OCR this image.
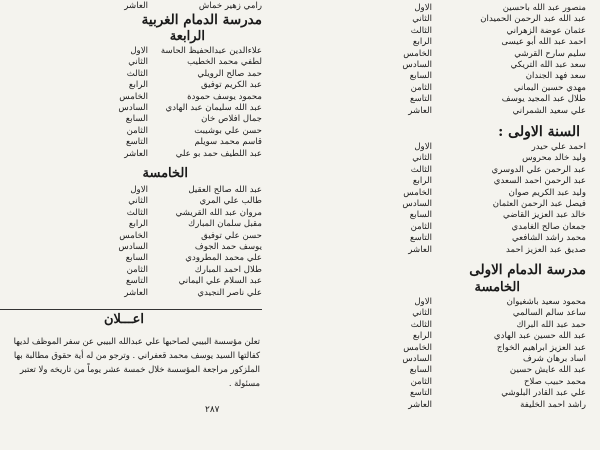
منصور عبد الله باحسين
الاول
عبد الله عبد الرحمن الحميدان
الثاني
عثمان عوضة الزهراني
الثالث
احمد عبد الله أبو عيسى
الرابع
سليم سارح القرشي
الخامس
سعد عبد الله التريكي
السادس
سعد فهد الجندان
السابع
مهدي حسين اليماني
الثامن
طلال عبد المجيد يوسف
التاسع
علي سعيد الشمراني
العاشر
السنة الاولى :
احمد علي حيدر
الاول
وليد خالد محروس
الثاني
عبد الرحمن علي الدوسري
الثالث
عبد الرحمن احمد السعدي
الرابع
وليد عبد الكريم صوان
الخامس
فيصل عبد الرحمن العثمان
السادس
خالد عبد العزيز القاضي
السابع
جمعان صالح الغامدي
الثامن
محمد راشد الشافعي
التاسع
صديق عبد العزيز احمد
العاشر
مدرسة الدمام الاولى
الخامسة
محمود سعيد باشغيوان
الاول
ساعد سالم السالمي
الثاني
حمد عبد الله البراك
الثالث
عبد الله حسين عبد الهادي
الرابع
عبد العزيز ابراهيم الخواج
الخامس
اساد برهان شرف
السادس
عبد الله عايش حسين
السابع
محمد حبيب صلاح
الثامن
علي عبد القادر البلوشي
التاسع
راشد احمد الخليفة
العاشر
رامي زهير خماش
العاشر
مدرسة الدمام الغربية
الرابعة
علاءالدين عبدالحفيظ الحاسة
الاول
لطفي محمد الخطيب
الثاني
حمد صالح الرويلي
الثالث
عبد الكريم توفيق
الرابع
محمود يوسف حمودة
الخامس
عبد الله سليمان عبد الهادي
السادس
جمال افلاص خان
السابع
حسن علي بوشيبت
الثامن
قاسم محمد سويلم
التاسع
عبد اللطيف حمد بو علي
العاشر
الخامسة
عبد الله صالح العقيل
الاول
طالب علي المري
الثاني
مروان عبد الله القريشي
الثالث
مقبل سلمان المبارك
الرابع
حسن علي توفيق
الخامس
يوسف حمد الجوف
السادس
علي محمد المطرودي
السابع
طلال احمد المبارك
الثامن
عبد السلام علي اليماني
التاسع
علي ناصر النجيدي
العاشر
اعـــلان
تعلن مؤسسة البيبي لصاحبها علي عبدالله البيبي عن سفر الموظف لديها كفالتها السيد يوسف محمد قعفراني . وترجو من له أية حقوق مطالبة بها الملزكور مراجعة المؤسسة خلال خمسة عشر يوماً من تاريخه ولا تعتبر مسئولة .
٢٨٧
